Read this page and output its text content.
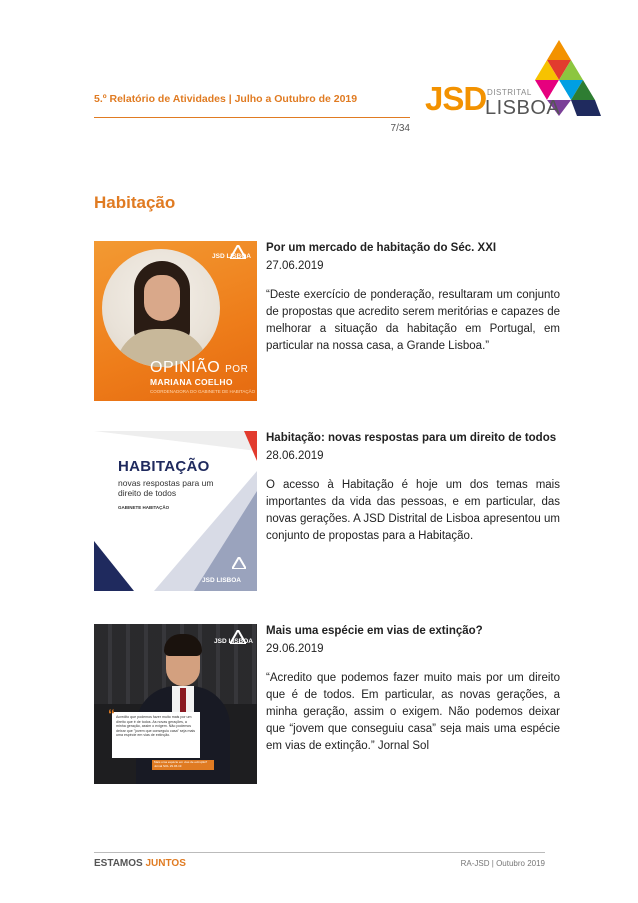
5.º Relatório de Atividades | Julho a Outubro de 2019
7/34
JSD DISTRITAL
LISBOA
Habitação
JSD LISBOA
OPINIÃO POR
MARIANA COELHO
COORDENADORA DO GABINETE DE HABITAÇÃO
Por um mercado de habitação do Séc. XXI
27.06.2019
“Deste exercício de ponderação, resultaram um conjunto de propostas que acredito serem meritórias e capazes de melhorar a situação da habitação em Portugal, em particular na nossa casa, a Grande Lisboa.”
HABITAÇÃO
novas respostas para um direito de todos
GABINETE HABITAÇÃO
JSD LISBOA
Habitação: novas respostas para um direito de todos
28.06.2019
O acesso à Habitação é hoje um dos temas mais importantes da vida das pessoas, e em particular, das novas gerações. A JSD Distrital de Lisboa apresentou um conjunto de propostas para a Habitação.
JSD LISBOA
Acredito que podemos fazer muito mais por um direito que é de todos. As novas gerações, a minha geração, assim o exigem. Não podemos deixar que "jovem que conseguiu casa" seja mais uma espécie em vias de extinção.
“
Mais uma espécie em vias de extinção? Jornal SOL 29.06.19
Mais uma espécie em vias de extinção?
29.06.2019
“Acredito que podemos fazer muito mais por um direito que é de todos. Em particular, as novas gerações, a minha geração, assim o exigem. Não podemos deixar que “jovem que conseguiu casa” seja mais uma espécie em vias de extinção.” Jornal Sol
ESTAMOS JUNTOS	RA-JSD | Outubro 2019
